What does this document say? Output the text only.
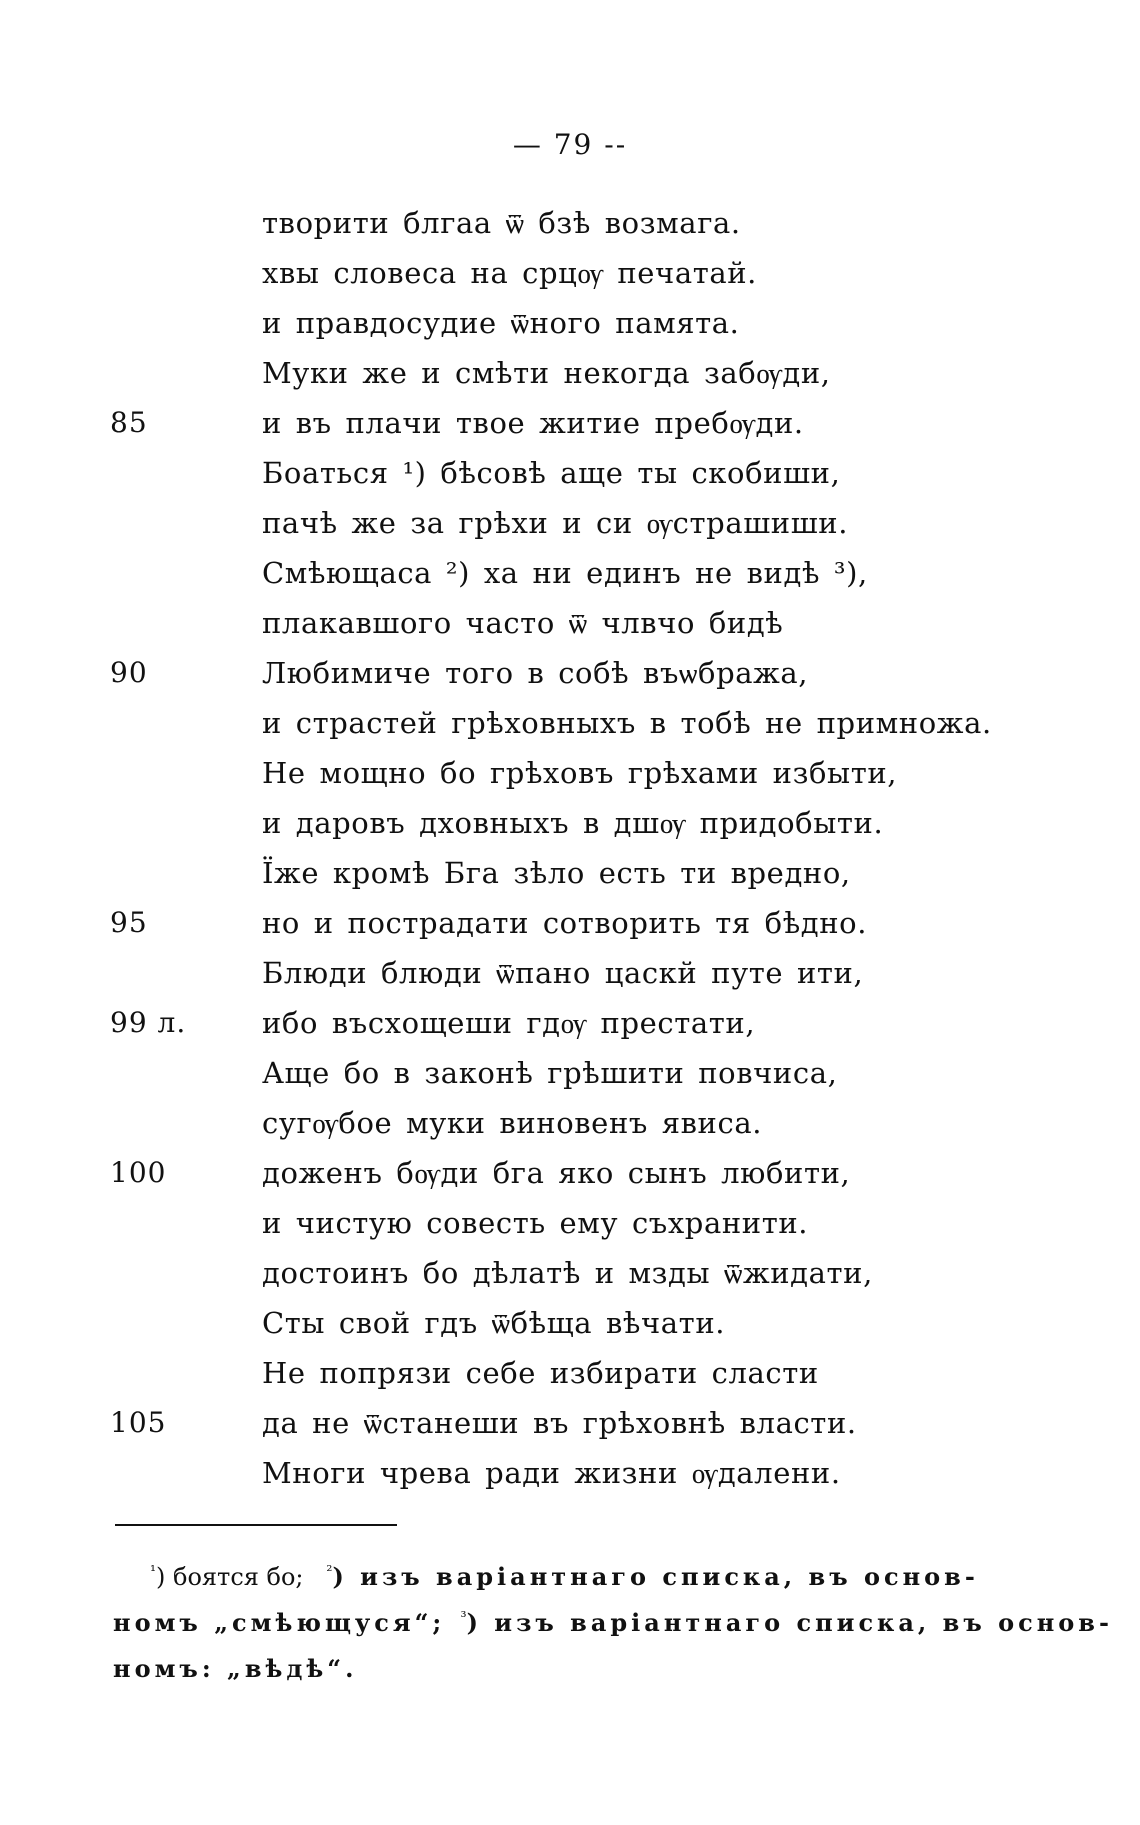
— 79 --
творити блгаа ѿ бзѣ возмага.
хвы словеса на срцѹ печатай.
и правдосудие ѿного памята.
Муки же и смѣти некогда забѹди,
85	и въ плачи твое житие пребѹди.
Боаться ¹) бѣсовѣ аще ты скобиши,
пачѣ же за грѣхи и си ѹстрашиши.
Смѣющаса ²) ха ни единъ не видѣ ³),
плакавшого часто ѿ члвчо бидѣ
90	Любимиче того в собѣ въѡбража,
и страстей грѣховныхъ в тобѣ не примножа.
Не мощно бо грѣховъ грѣхами избыти,
и даровъ дховныхъ в дшѹ придобыти.
Їже кромѣ Бга зѣло есть ти вредно,
95	но и пострадати сотворить тя бѣдно.
Блюди блюди ѿпано цаскй путе ити,
99 л.	ибо въсхощеши гдѹ престати,
Аще бо в законѣ грѣшити повчиса,
сугѹбое муки виновенъ явиса.
100	доженъ бѹди бга яко сынъ любити,
и чистую совесть ему съхранити.
достоинъ бо дѣлатѣ и мзды ѿжидати,
Сты свой гдъ ѿбѣща вѣчати.
Не попрязи себе избирати сласти
105	да не ѿстанеши въ грѣховнѣ власти.
Многи чрева ради жизни ѹдалени.
$^{^1}$) боятся бо; $^{^2}$) изъ варіантнаго списка, въ основ-
номъ „смѣющуся“; $^{^3}$) изъ варіантнаго списка, въ основ-
номъ: „вѣдѣ“.
